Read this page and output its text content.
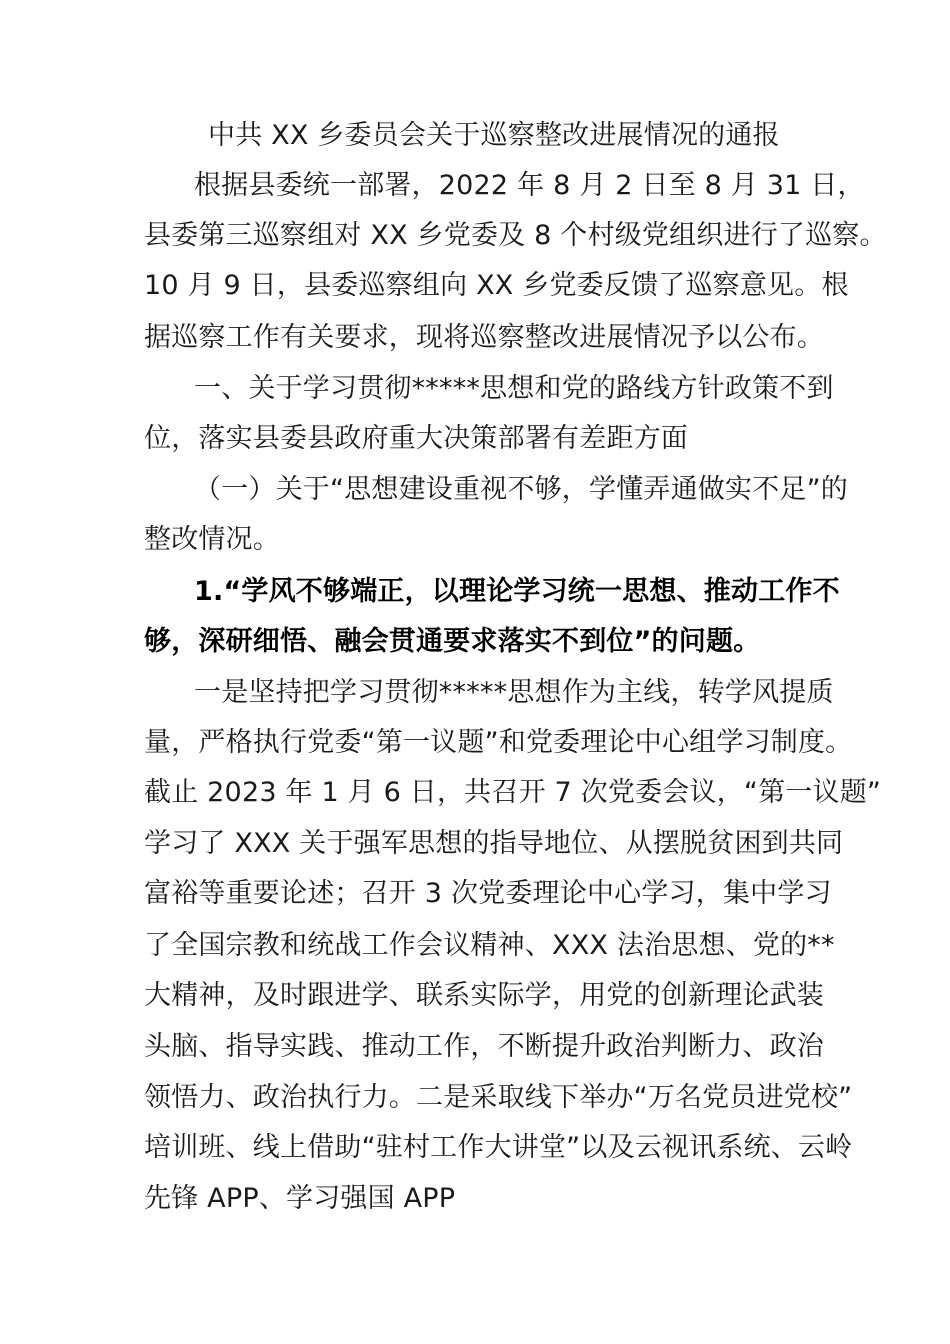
中共 XX 乡委员会关于巡察整改进展情况的通报
根据县委统一部署，2022 年 8 月 2 日至 8 月 31 日，
县委第三巡察组对 XX 乡党委及 8 个村级党组织进行了巡察。
10 月 9 日，县委巡察组向 XX 乡党委反馈了巡察意见。根
据巡察工作有关要求，现将巡察整改进展情况予以公布。
一、关于学习贯彻*****思想和党的路线方针政策不到
位，落实县委县政府重大决策部署有差距方面
（一）关于“思想建设重视不够，学懂弄通做实不足”的
整改情况。
1.“学风不够端正，以理论学习统一思想、推动工作不
够，深研细悟、融会贯通要求落实不到位”的问题。
一是坚持把学习贯彻*****思想作为主线，转学风提质
量，严格执行党委“第一议题”和党委理论中心组学习制度。
截止 2023 年 1 月 6 日，共召开 7 次党委会议，“第一议题”
学习了 XXX 关于强军思想的指导地位、从摆脱贫困到共同
富裕等重要论述；召开 3 次党委理论中心学习，集中学习
了全国宗教和统战工作会议精神、XXX 法治思想、党的**
大精神，及时跟进学、联系实际学，用党的创新理论武装
头脑、指导实践、推动工作，不断提升政治判断力、政治
领悟力、政治执行力。二是采取线下举办“万名党员进党校”
培训班、线上借助“驻村工作大讲堂”以及云视讯系统、云岭
先锋 APP、学习强国 APP
